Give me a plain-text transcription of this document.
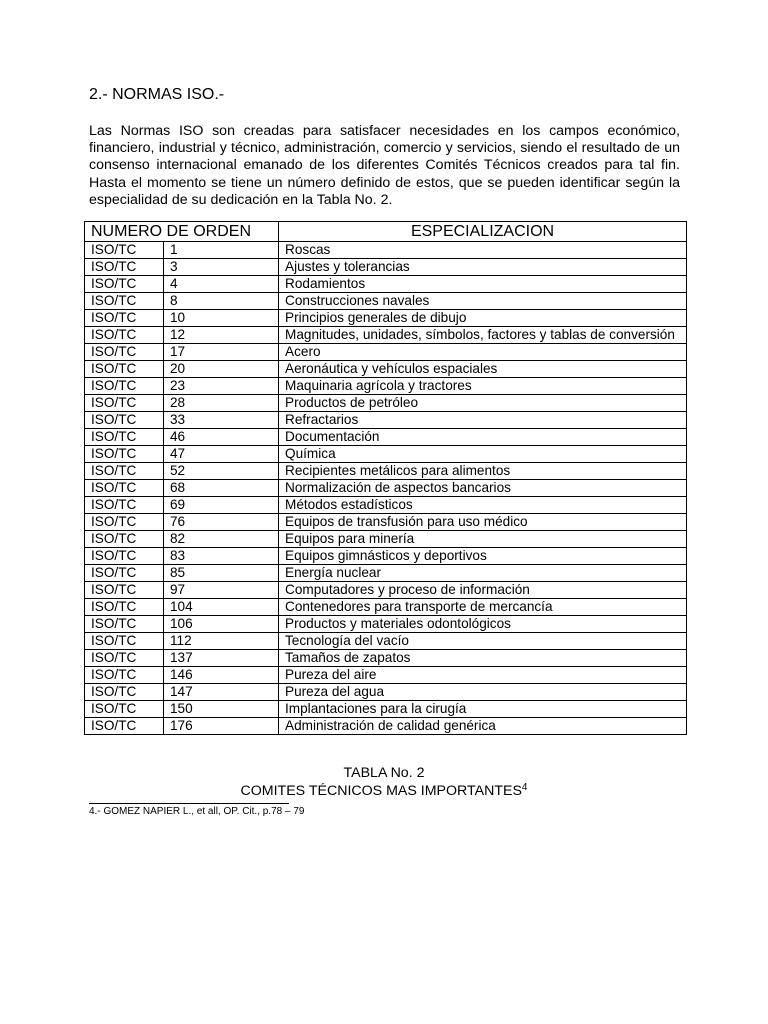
2.- NORMAS ISO.-

Las Normas ISO son creadas para satisfacer necesidades en los campos económico, financiero, industrial y técnico, administración, comercio y servicios, siendo el resultado de un consenso internacional emanado de los diferentes Comités Técnicos creados para tal fin. Hasta el momento se tiene un número definido de estos, que se pueden identificar según la especialidad de su dedicación en la Tabla No. 2.

NUMERO DE ORDEN		ESPECIALIZACION
ISO/TC	1	Roscas
ISO/TC	3	Ajustes y tolerancias
ISO/TC	4	Rodamientos
ISO/TC	8	Construcciones navales
ISO/TC	10	Principios generales de dibujo
ISO/TC	12	Magnitudes, unidades, símbolos, factores y tablas de conversión
ISO/TC	17	Acero
ISO/TC	20	Aeronáutica y vehículos espaciales
ISO/TC	23	Maquinaria agrícola y tractores
ISO/TC	28	Productos de petróleo
ISO/TC	33	Refractarios
ISO/TC	46	Documentación
ISO/TC	47	Química
ISO/TC	52	Recipientes metálicos para alimentos
ISO/TC	68	Normalización de aspectos bancarios
ISO/TC	69	Métodos estadísticos
ISO/TC	76	Equipos de transfusión para uso médico
ISO/TC	82	Equipos para minería
ISO/TC	83	Equipos gimnásticos y deportivos
ISO/TC	85	Energía nuclear
ISO/TC	97	Computadores y proceso de información
ISO/TC	104	Contenedores para transporte de mercancía
ISO/TC	106	Productos y materiales odontológicos
ISO/TC	112	Tecnología del vacío
ISO/TC	137	Tamaños de zapatos
ISO/TC	146	Pureza del aire
ISO/TC	147	Pureza del agua
ISO/TC	150	Implantaciones para la cirugía
ISO/TC	176	Administración de calidad genérica

TABLA No. 2

COMITES TÉCNICOS MAS IMPORTANTES$^4$

4.- GOMEZ NAPIER L., et all, OP. Cit., p.78 – 79
